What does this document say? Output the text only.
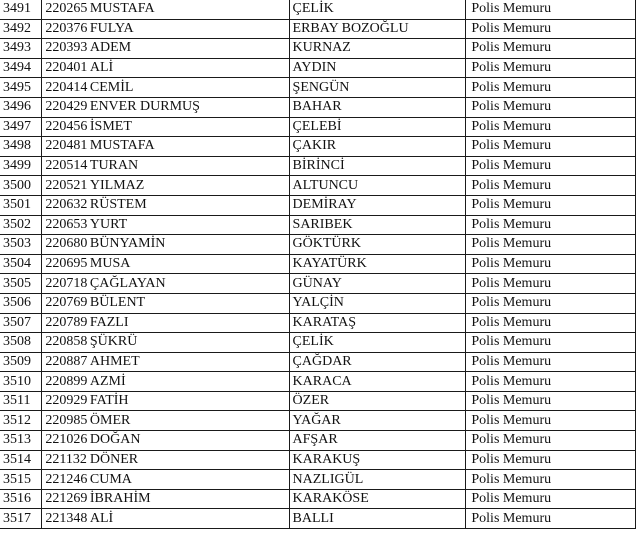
3491	220265	MUSTAFA	ÇELİK	Polis Memuru
3492	220376	FULYA	ERBAY BOZOĞLU	Polis Memuru
3493	220393	ADEM	KURNAZ	Polis Memuru
3494	220401	ALİ	AYDIN	Polis Memuru
3495	220414	CEMİL	ŞENGÜN	Polis Memuru
3496	220429	ENVER DURMUŞ	BAHAR	Polis Memuru
3497	220456	İSMET	ÇELEBİ	Polis Memuru
3498	220481	MUSTAFA	ÇAKIR	Polis Memuru
3499	220514	TURAN	BİRİNCİ	Polis Memuru
3500	220521	YILMAZ	ALTUNCU	Polis Memuru
3501	220632	RÜSTEM	DEMİRAY	Polis Memuru
3502	220653	YURT	SARIBEK	Polis Memuru
3503	220680	BÜNYAMİN	GÖKTÜRK	Polis Memuru
3504	220695	MUSA	KAYATÜRK	Polis Memuru
3505	220718	ÇAĞLAYAN	GÜNAY	Polis Memuru
3506	220769	BÜLENT	YALÇİN	Polis Memuru
3507	220789	FAZLI	KARATAŞ	Polis Memuru
3508	220858	ŞÜKRÜ	ÇELİK	Polis Memuru
3509	220887	AHMET	ÇAĞDAR	Polis Memuru
3510	220899	AZMİ	KARACA	Polis Memuru
3511	220929	FATİH	ÖZER	Polis Memuru
3512	220985	ÖMER	YAĞAR	Polis Memuru
3513	221026	DOĞAN	AFŞAR	Polis Memuru
3514	221132	DÖNER	KARAKUŞ	Polis Memuru
3515	221246	CUMA	NAZLIGÜL	Polis Memuru
3516	221269	İBRAHİM	KARAKÖSE	Polis Memuru
3517	221348	ALİ	BALLI	Polis Memuru
